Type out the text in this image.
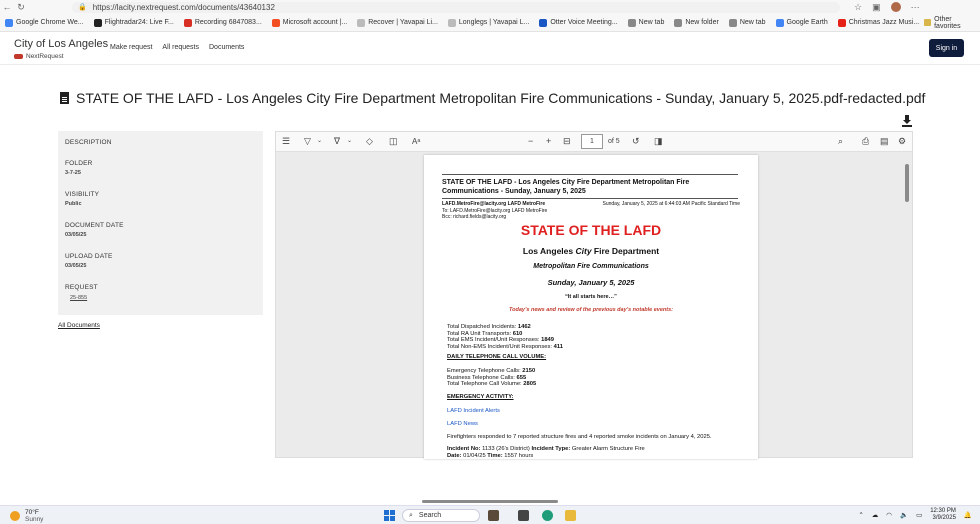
← ↻	🔒 https://lacity.nextrequest.com/documents/43640132	☆ ▣	⋯
Google Chrome We...	Flightradar24: Live F...	Recording 6847083...	Microsoft account |...	Recover | Yavapai Li...	Longlegs | Yavapai L...	Otter Voice Meeting...	New tab	New folder	New tab	Google Earth	Christmas Jazz Musi... Other favorites
City of Los Angeles
NextRequest
Make request All requests Documents	Sign in
STATE OF THE LAFD - Los Angeles City Fire Department Metropolitan Fire Communications - Sunday, January 5, 2025.pdf-redacted.pdf
DESCRIPTION
FOLDER
3-7-25
VISIBILITY
Public
DOCUMENT DATE
03/05/25
UPLOAD DATE
03/05/25
REQUEST
25-855
All Documents
☰ ▽ ⌄ ∇ ⌄ ◇ ◫ Aᵃ	− + ⊟	1 of 5 ↺ ◨	⌕ ⎙ ▤ ⚙
STATE OF THE LAFD - Los Angeles City Fire Department Metropolitan Fire Communications - Sunday, January 5, 2025
LAFD.MetroFire@lacity.org LAFD MetroFire
To: LAFD.MetroFire@lacity.org LAFD MetroFire
Bcc: richard.fields@lacity.org
Sunday, January 5, 2025 at 6:44:03 AM Pacific Standard Time
STATE OF THE LAFD
Los Angeles City Fire Department
Metropolitan Fire Communications
Sunday, January 5, 2025
“It all starts here…”
Today’s news and review of the previous day’s notable events:
Total Dispatched Incidents: 1462
Total RA Unit Transports: 610
Total EMS Incident/Unit Responses: 1849
Total Non-EMS Incident/Unit Responses: 411
DAILY TELEPHONE CALL VOLUME:
Emergency Telephone Calls: 2150
Business Telephone Calls: 655
Total Telephone Call Volume: 2805
EMERGENCY ACTIVITY:
LAFD Incident Alerts
LAFD News
Firefighters responded to 7 reported structure fires and 4 reported smoke incidents on January 4, 2025.
Incident No: 1133 (26's District) Incident Type: Greater Alarm Structure Fire
Date: 01/04/25 Time: 1557 hours
70°F
Sunny
⌕ Search	⌃ ☁ ◠ 🔈 ▭
12:30 PM
3/9/2025 🔔
